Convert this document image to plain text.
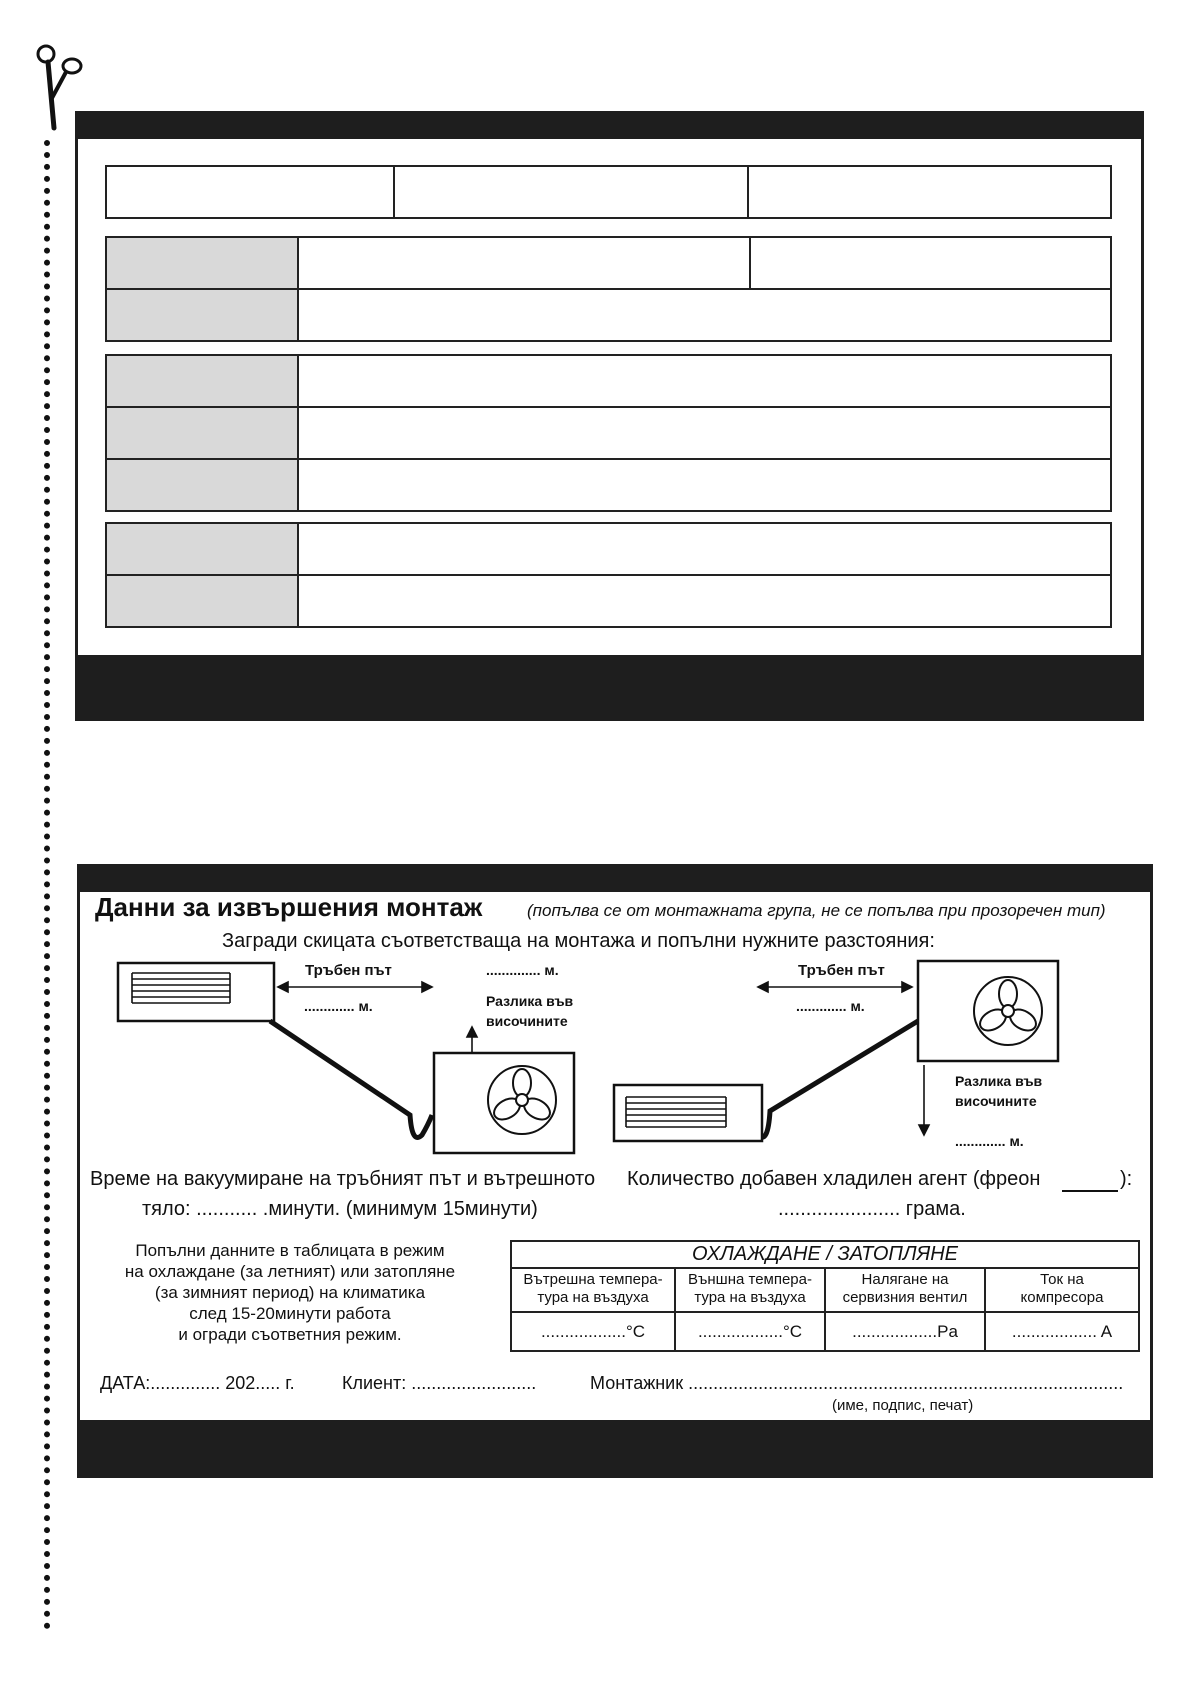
Данни за извършения монтаж	(попълва се от монтажната група, не се попълва при прозоречен тип)
Загради скицата съответстваща на монтажа и попълни нужните разстояния:
Тръбен път
............. м.
.............. м.
Разлика във
височините
Тръбен път
............. м.
Разлика във
височините
............. м.
Време на вакуумиране на тръбният път и вътрешното
тяло: ........... .минути. (минимум 15минути)
Количество добавен хладилен агент (фреон	):
...................... грама.
Попълни данните в таблицата в режим
на охлаждане (за летният) или затопляне
(за зимният период) на климатика
след 15-20минути работа
и огради съответния режим.
ОХЛАЖДАНЕ / ЗАТОПЛЯНЕ
Вътрешна темпера-
тура на въздуха
Външна темпера-
тура на въздуха
Налягане на
сервизния вентил
Ток на
компресора
..................°C	..................°C	..................Pa	.................. A
ДАТА:.............. 202..... г.	Клиент: .........................	Монтажник .......................................................................................
(име, подпис, печат)
